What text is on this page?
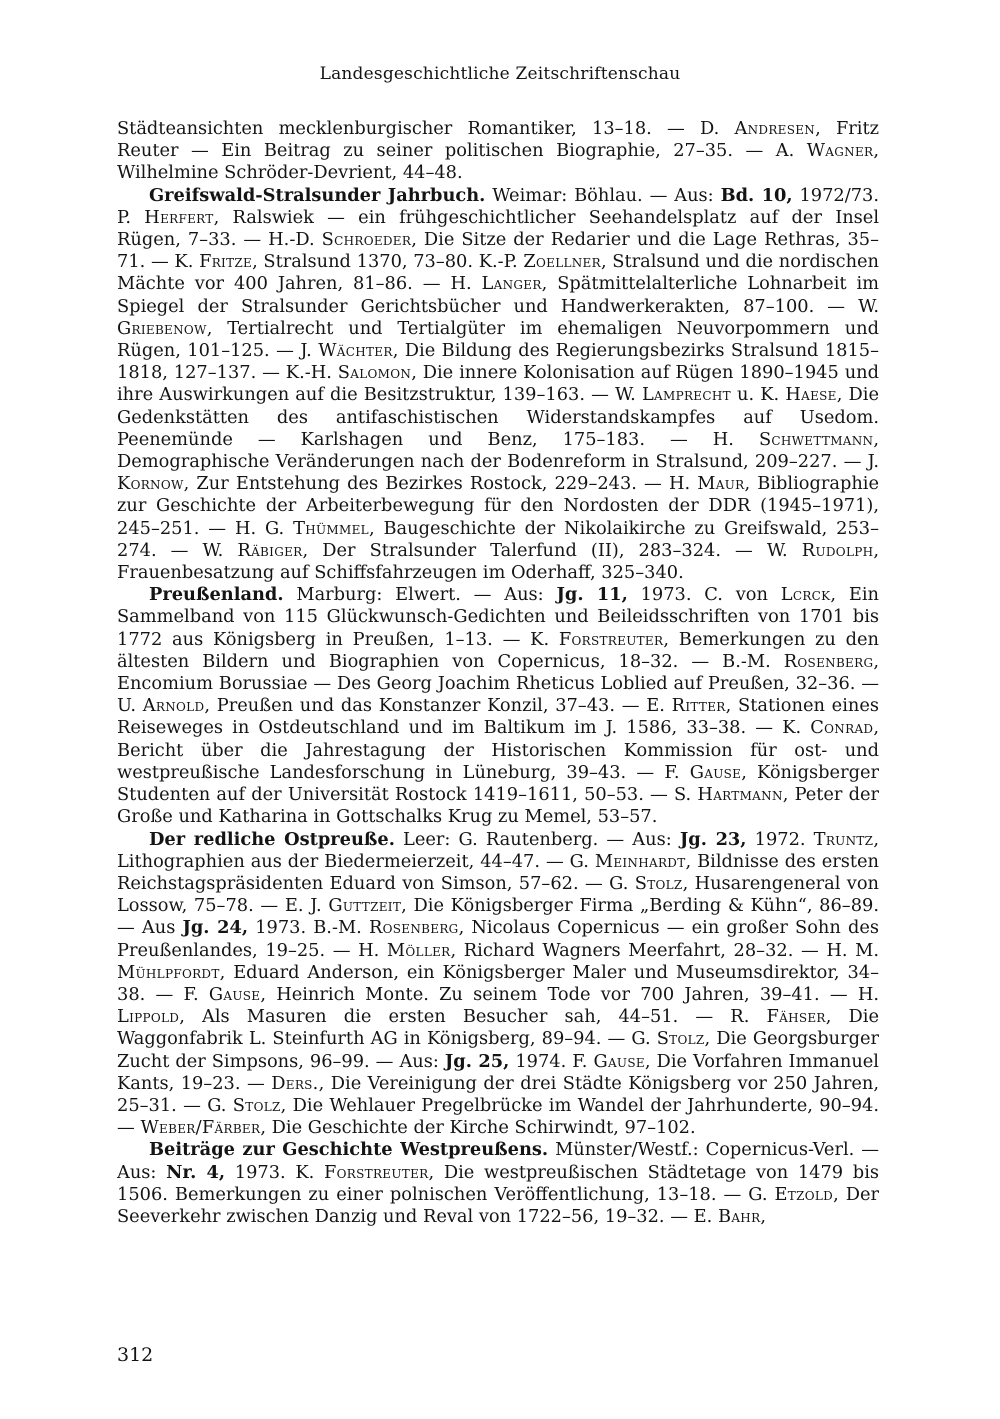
Landesgeschichtliche Zeitschriftenschau

Städteansichten mecklenburgischer Romantiker, 13–18. — D. Andresen, Fritz Reuter — Ein Beitrag zu seiner politischen Biographie, 27–35. — A. Wagner, Wilhelmine Schröder-Devrient, 44–48.

Greifswald-Stralsunder Jahrbuch. Weimar: Böhlau. — Aus: Bd. 10, 1972/73. P. Herfert, Ralswiek — ein frühgeschichtlicher Seehandelsplatz auf der Insel Rügen, 7–33. — H.-D. Schroeder, Die Sitze der Redarier und die Lage Rethras, 35–71. — K. Fritze, Stralsund 1370, 73–80. K.-P. Zoellner, Stralsund und die nordischen Mächte vor 400 Jahren, 81–86. — H. Langer, Spätmittelalterliche Lohnarbeit im Spiegel der Stralsunder Gerichtsbücher und Handwerkerakten, 87–100. — W. Griebenow, Tertialrecht und Tertialgüter im ehemaligen Neuvorpommern und Rügen, 101–125. — J. Wächter, Die Bildung des Regierungsbezirks Stralsund 1815–1818, 127–137. — K.-H. Salomon, Die innere Kolonisation auf Rügen 1890–1945 und ihre Auswirkungen auf die Besitzstruktur, 139–163. — W. Lamprecht u. K. Haese, Die Gedenkstätten des antifaschistischen Widerstandskampfes auf Usedom. Peenemünde — Karlshagen und Benz, 175–183. — H. Schwettmann, Demographische Veränderungen nach der Bodenreform in Stralsund, 209–227. — J. Kornow, Zur Entstehung des Bezirkes Rostock, 229–243. — H. Maur, Bibliographie zur Geschichte der Arbeiterbewegung für den Nordosten der DDR (1945–1971), 245–251. — H. G. Thümmel, Baugeschichte der Nikolaikirche zu Greifswald, 253–274. — W. Räbiger, Der Stralsunder Talerfund (II), 283–324. — W. Rudolph, Frauenbesatzung auf Schiffsfahrzeugen im Oderhaff, 325–340.

Preußenland. Marburg: Elwert. — Aus: Jg. 11, 1973. C. von Lcrck, Ein Sammelband von 115 Glückwunsch-Gedichten und Beileidsschriften von 1701 bis 1772 aus Königsberg in Preußen, 1–13. — K. Forstreuter, Bemerkungen zu den ältesten Bildern und Biographien von Copernicus, 18–32. — B.-M. Rosenberg, Encomium Borussiae — Des Georg Joachim Rheticus Loblied auf Preußen, 32–36. — U. Arnold, Preußen und das Konstanzer Konzil, 37–43. — E. Ritter, Stationen eines Reiseweges in Ostdeutschland und im Baltikum im J. 1586, 33–38. — K. Conrad, Bericht über die Jahrestagung der Historischen Kommission für ost- und westpreußische Landesforschung in Lüneburg, 39–43. — F. Gause, Königsberger Studenten auf der Universität Rostock 1419–1611, 50–53. — S. Hartmann, Peter der Große und Katharina in Gottschalks Krug zu Memel, 53–57.

Der redliche Ostpreuße. Leer: G. Rautenberg. — Aus: Jg. 23, 1972. Truntz, Lithographien aus der Biedermeierzeit, 44–47. — G. Meinhardt, Bildnisse des ersten Reichstagspräsidenten Eduard von Simson, 57–62. — G. Stolz, Husarengeneral von Lossow, 75–78. — E. J. Guttzeit, Die Königsberger Firma „Berding & Kühn“, 86–89. — Aus Jg. 24, 1973. B.-M. Rosenberg, Nicolaus Copernicus — ein großer Sohn des Preußenlandes, 19–25. — H. Möller, Richard Wagners Meerfahrt, 28–32. — H. M. Mühlpfordt, Eduard Anderson, ein Königsberger Maler und Museumsdirektor, 34–38. — F. Gause, Heinrich Monte. Zu seinem Tode vor 700 Jahren, 39–41. — H. Lippold, Als Masuren die ersten Besucher sah, 44–51. — R. Fähser, Die Waggonfabrik L. Steinfurth AG in Königsberg, 89–94. — G. Stolz, Die Georgsburger Zucht der Simpsons, 96–99. — Aus: Jg. 25, 1974. F. Gause, Die Vorfahren Immanuel Kants, 19–23. — Ders., Die Vereinigung der drei Städte Königsberg vor 250 Jahren, 25–31. — G. Stolz, Die Wehlauer Pregelbrücke im Wandel der Jahrhunderte, 90–94. — Weber/Färber, Die Geschichte der Kirche Schirwindt, 97–102.

Beiträge zur Geschichte Westpreußens. Münster/Westf.: Copernicus-Verl. — Aus: Nr. 4, 1973. K. Forstreuter, Die westpreußischen Städtetage von 1479 bis 1506. Bemerkungen zu einer polnischen Veröffentlichung, 13–18. — G. Etzold, Der Seeverkehr zwischen Danzig und Reval von 1722–56, 19–32. — E. Bahr,

312
